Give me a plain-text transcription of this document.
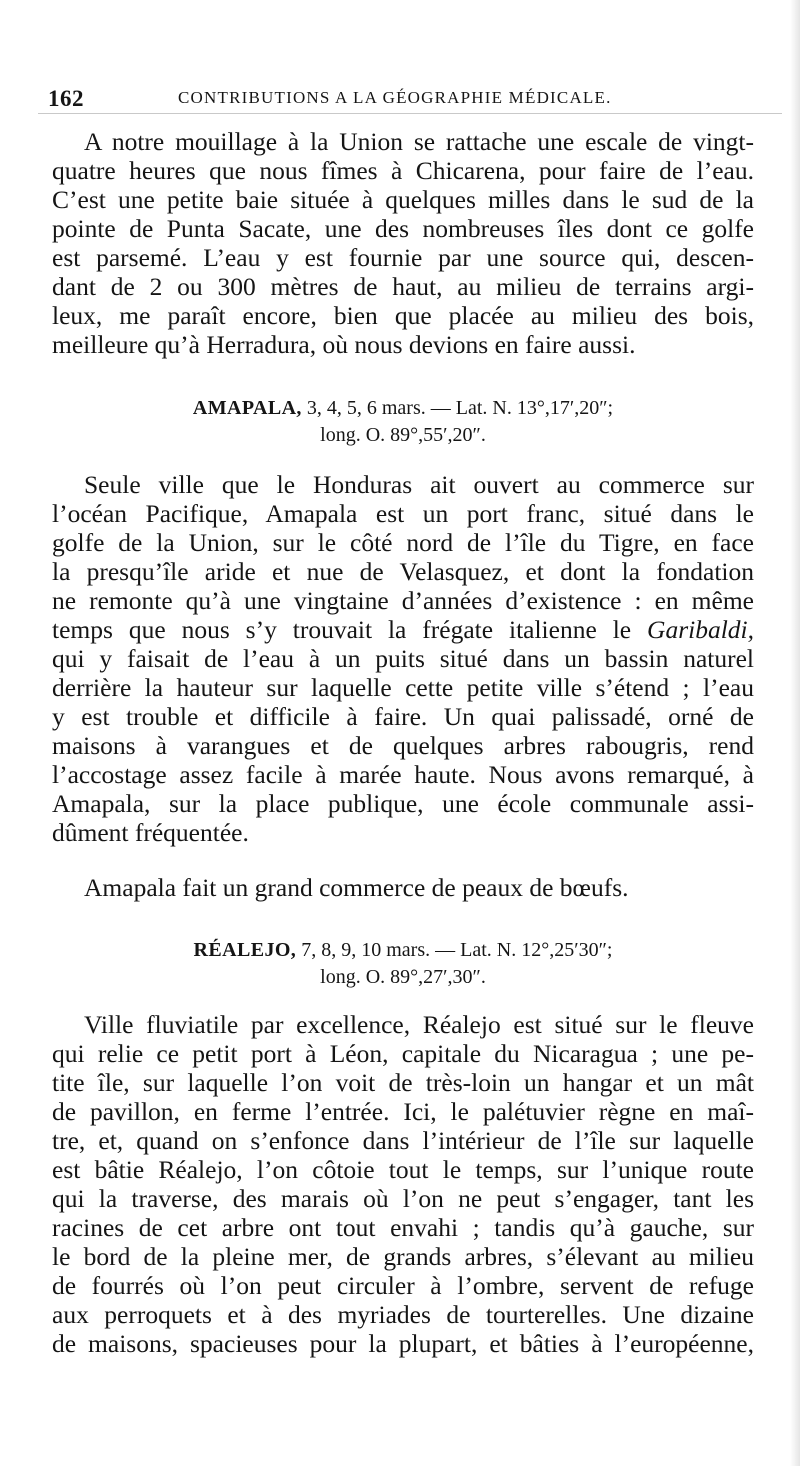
162	CONTRIBUTIONS A LA GÉOGRAPHIE MÉDICALE.
A notre mouillage à la Union se rattache une escale de vingt-
quatre heures que nous fîmes à Chicarena, pour faire de l’eau.
C’est une petite baie située à quelques milles dans le sud de la
pointe de Punta Sacate, une des nombreuses îles dont ce golfe
est parsemé. L’eau y est fournie par une source qui, descen-
dant de 2 ou 300 mètres de haut, au milieu de terrains argi-
leux, me paraît encore, bien que placée au milieu des bois,
meilleure qu’à Herradura, où nous devions en faire aussi.
AMAPALA, 3, 4, 5, 6 mars. — Lat. N. 13°,17′,20″;
long. O. 89°,55′,20″.
Seule ville que le Honduras ait ouvert au commerce sur
l’océan Pacifique, Amapala est un port franc, situé dans le
golfe de la Union, sur le côté nord de l’île du Tigre, en face
la presqu’île aride et nue de Velasquez, et dont la fondation
ne remonte qu’à une vingtaine d’années d’existence : en même
temps que nous s’y trouvait la frégate italienne le Garibaldi,
qui y faisait de l’eau à un puits situé dans un bassin naturel
derrière la hauteur sur laquelle cette petite ville s’étend ; l’eau
y est trouble et difficile à faire. Un quai palissadé, orné de
maisons à varangues et de quelques arbres rabougris, rend
l’accostage assez facile à marée haute. Nous avons remarqué, à
Amapala, sur la place publique, une école communale assi-
dûment fréquentée.
Amapala fait un grand commerce de peaux de bœufs.
RÉALEJO, 7, 8, 9, 10 mars. — Lat. N. 12°,25′30″;
long. O. 89°,27′,30″.
Ville fluviatile par excellence, Réalejo est situé sur le fleuve
qui relie ce petit port à Léon, capitale du Nicaragua ; une pe-
tite île, sur laquelle l’on voit de très-loin un hangar et un mât
de pavillon, en ferme l’entrée. Ici, le palétuvier règne en maî-
tre, et, quand on s’enfonce dans l’intérieur de l’île sur laquelle
est bâtie Réalejo, l’on côtoie tout le temps, sur l’unique route
qui la traverse, des marais où l’on ne peut s’engager, tant les
racines de cet arbre ont tout envahi ; tandis qu’à gauche, sur
le bord de la pleine mer, de grands arbres, s’élevant au milieu
de fourrés où l’on peut circuler à l’ombre, servent de refuge
aux perroquets et à des myriades de tourterelles. Une dizaine
de maisons, spacieuses pour la plupart, et bâties à l’européenne,
